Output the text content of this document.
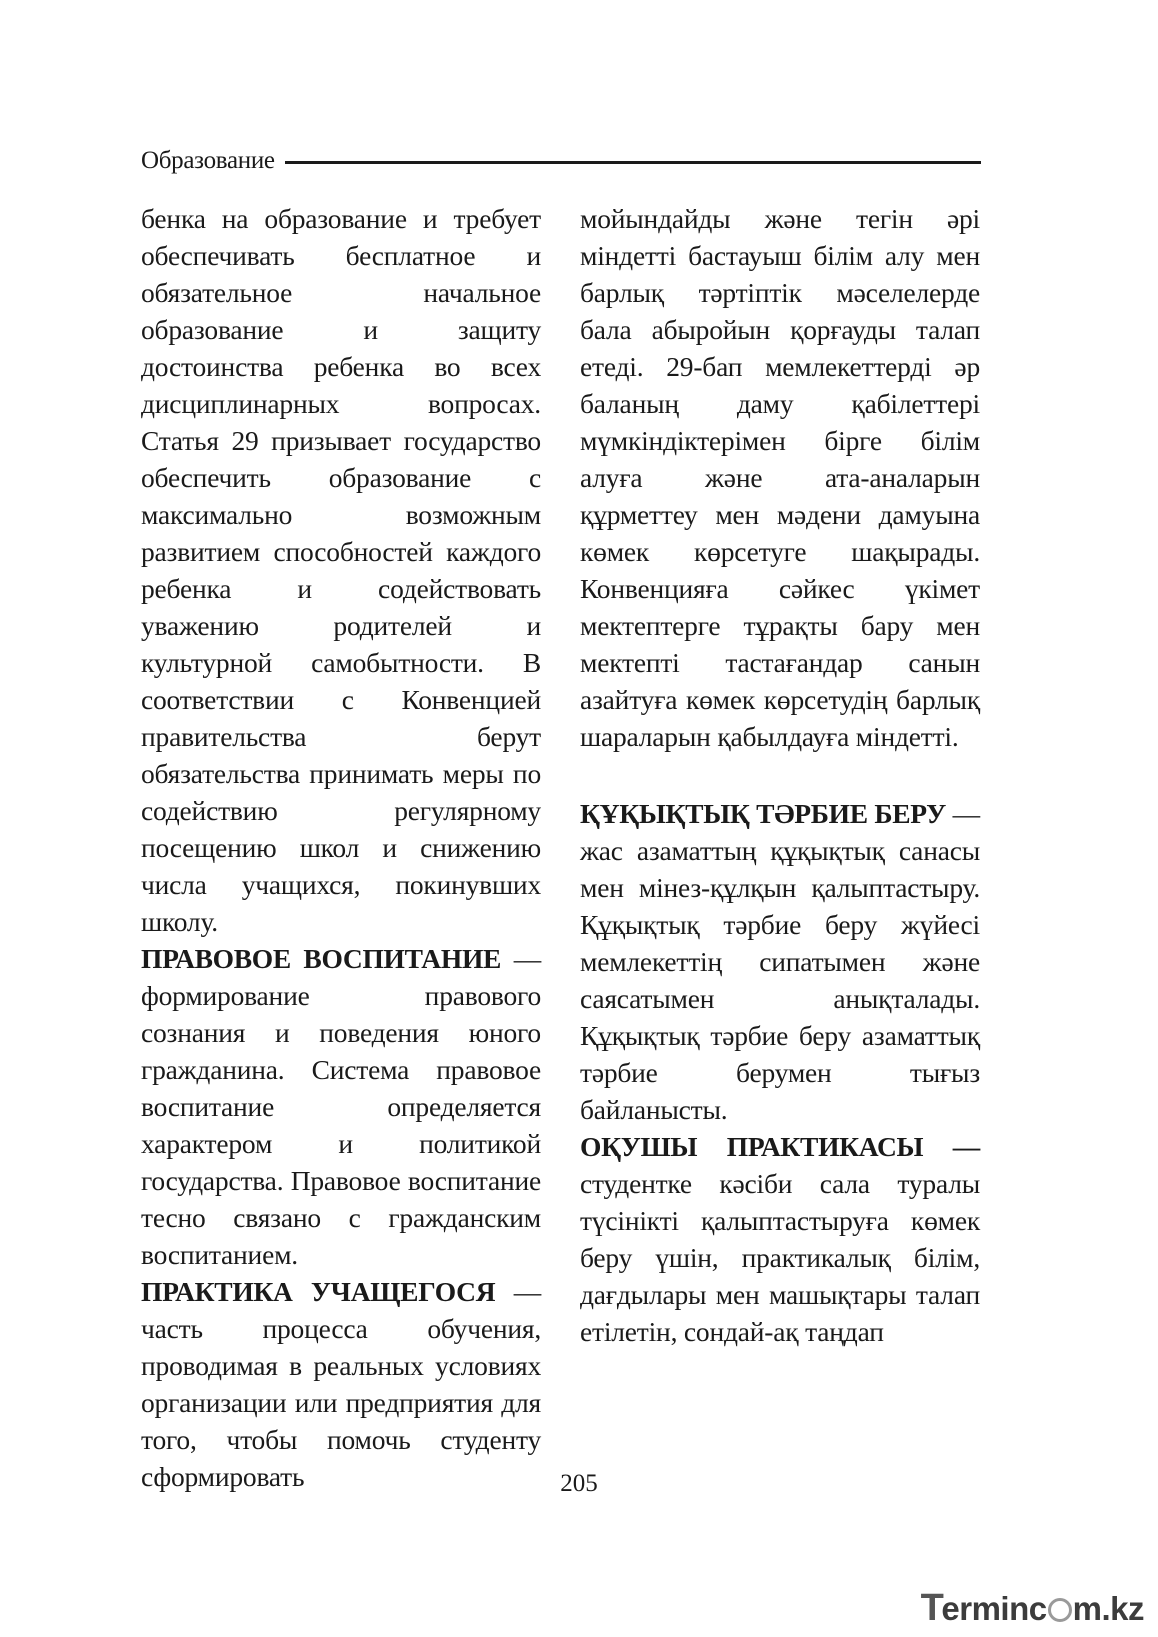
Образование

бенка на образование и требует обеспечивать бесплатное и обязательное начальное образование и защиту достоинства ребенка во всех дисциплинарных вопросах. Статья 29 призывает государство обеспечить образование с максимально возможным развитием способностей каждого ребенка и содействовать уважению родителей и культурной самобытности. В соответствии с Конвенцией правительства берут обязательства принимать меры по содействию регулярному посещению школ и снижению числа учащихся, покинувших школу.

ПРАВОВОЕ ВОСПИТАНИЕ — формирование правового сознания и поведения юного гражданина. Система правовое воспитание определяется характером и политикой государства. Правовое воспитание тесно связано с гражданским воспитанием.

ПРАКТИКА УЧАЩЕГОСЯ — часть процесса обучения, проводимая в реальных условиях организации или предприятия для того, чтобы помочь студенту сформировать

мойындайды және тегін әрі міндетті бастауыш білім алу мен барлық тәртіптік мәселелерде бала абыройын қорғауды талап етеді. 29-бап мемлекеттерді әр баланың даму қабілеттері мүмкіндіктерімен бірге білім алуға және ата-аналарын құрметтеу мен мәдени дамуына көмек көрсетуге шақырады. Конвенцияға сәйкес үкімет мектептерге тұрақты бару мен мектепті тастағандар санын азайтуға көмек көрсетудің барлық шараларын қабылдауға міндетті.

ҚҰҚЫҚТЫҚ ТӘРБИЕ БЕРУ — жас азаматтың құқықтық санасы мен мінез-құлқын қалыптастыру. Құқықтық тәрбие беру жүйесі мемлекеттің сипатымен және саясатымен анықталады. Құқықтық тәрбие беру азаматтық тәрбие берумен тығыз байланысты.

ОҚУШЫ ПРАКТИКАСЫ — студентке кәсіби сала туралы түсінікті қалыптастыруға көмек беру үшін, практикалық білім, дағдылары мен машықтары талап етілетін, сондай-ақ таңдап

205
T
ermin c m.kz
